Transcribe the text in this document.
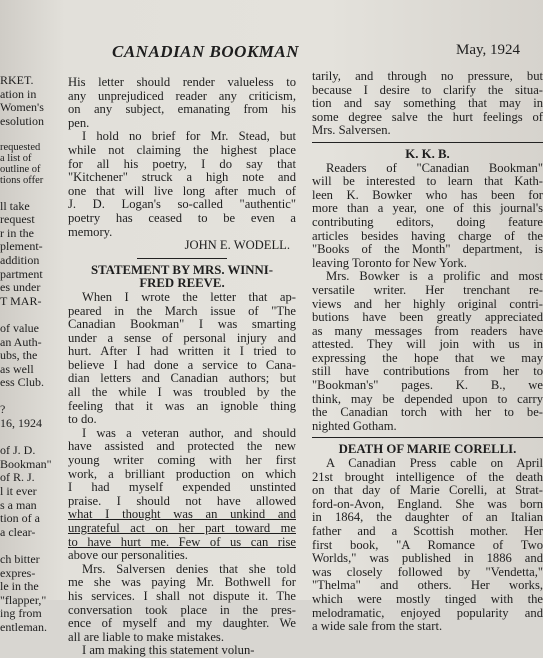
CANADIAN BOOKMAN	May, 1924
RKET.
ation in
Women's
esolution

requested
a list of
outline of
tions offer

ll take
request
r in the
plement-
addition
partment
es under
T MAR-

of value
an Auth-
ubs, the
as well
ess Club.

?
16, 1924

of J. D.
Bookman"
of R. J.
l it ever
s a man
tion of a
a clear-

ch bitter
expres-
le in the
"flapper,"
ing from
entleman.

His letter should render valueless to
any unprejudiced reader any criticism,
on any subject, emanating from his
pen.

I hold no brief for Mr. Stead, but
while not claiming the highest place
for all his poetry, I do say that
"Kitchener" struck a high note and
one that will live long after much of
J. D. Logan's so-called "authentic"
poetry has ceased to be even a
memory.

JOHN E. WODELL.
STATEMENT BY MRS. WINNI-
FRED REEVE.

When I wrote the letter that ap-
peared in the March issue of "The
Canadian Bookman" I was smarting
under a sense of personal injury and
hurt. After I had written it I tried to
believe I had done a service to Cana-
dian letters and Canadian authors; but
all the while I was troubled by the
feeling that it was an ignoble thing
to do.

I was a veteran author, and should
have assisted and protected the new
young writer coming with her first
work, a brilliant production on which
I had myself expended unstinted
praise. I should not have allowed
what I thought was an unkind and
ungrateful act on her part toward me
to have hurt me. Few of us can rise
above our personalities.

Mrs. Salversen denies that she told
me she was paying Mr. Bothwell for
his services. I shall not dispute it. The
conversation took place in the pres-
ence of myself and my daughter. We
all are liable to make mistakes.

I am making this statement volun-

tarily, and through no pressure, but
because I desire to clarify the situa-
tion and say something that may in
some degree salve the hurt feelings of
Mrs. Salversen.

K. K. B.

Readers of "Canadian Bookman"
will be interested to learn that Kath-
leen K. Bowker who has been for
more than a year, one of this journal's
contributing editors, doing feature
articles besides having charge of the
"Books of the Month" department, is
leaving Toronto for New York.

Mrs. Bowker is a prolific and most
versatile writer. Her trenchant re-
views and her highly original contri-
butions have been greatly appreciated
as many messages from readers have
attested. They will join with us in
expressing the hope that we may
still have contributions from her to
"Bookman's" pages. K. B., we
think, may be depended upon to carry
the Canadian torch with her to be-
nighted Gotham.

DEATH OF MARIE CORELLI.

A Canadian Press cable on April
21st brought intelligence of the death
on that day of Marie Corelli, at Strat-
ford-on-Avon, England. She was born
in 1864, the daughter of an Italian
father and a Scottish mother. Her
first book, "A Romance of Two
Worlds," was published in 1886 and
was closely followed by "Vendetta,"
"Thelma" and others. Her works,
which were mostly tinged with the
melodramatic, enjoyed popularity and
a wide sale from the start.
